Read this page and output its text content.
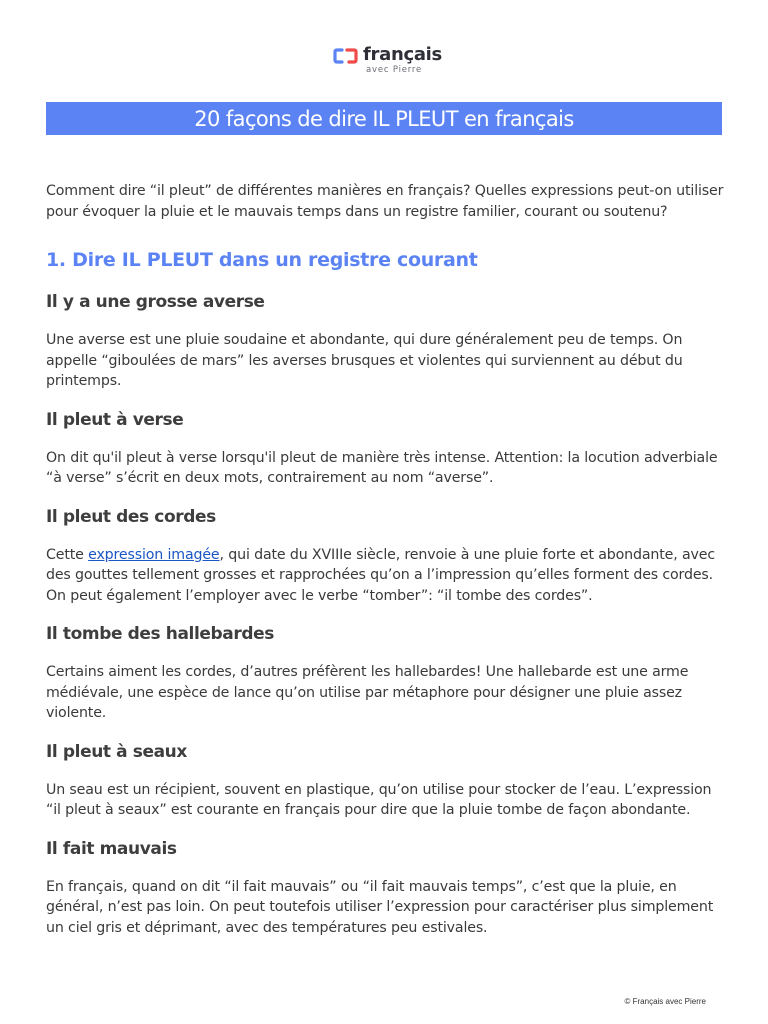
français
avec Pierre
20 façons de dire IL PLEUT en français

Comment dire “il pleut” de différentes manières en français? Quelles expressions peut-on utiliser pour évoquer la pluie et le mauvais temps dans un registre familier, courant ou soutenu?

1. Dire IL PLEUT dans un registre courant
Il y a une grosse averse

Une averse est une pluie soudaine et abondante, qui dure généralement peu de temps. On appelle “giboulées de mars” les averses brusques et violentes qui surviennent au début du printemps.

Il pleut à verse

On dit qu'il pleut à verse lorsqu'il pleut de manière très intense. Attention: la locution adverbiale “à verse” s’écrit en deux mots, contrairement au nom “averse”.

Il pleut des cordes

Cette expression imagée, qui date du XVIIIe siècle, renvoie à une pluie forte et abondante, avec des gouttes tellement grosses et rapprochées qu’on a l’impression qu’elles forment des cordes. On peut également l’employer avec le verbe “tomber”: “il tombe des cordes”.

Il tombe des hallebardes

Certains aiment les cordes, d’autres préfèrent les hallebardes! Une hallebarde est une arme médiévale, une espèce de lance qu’on utilise par métaphore pour désigner une pluie assez violente.

Il pleut à seaux

Un seau est un récipient, souvent en plastique, qu’on utilise pour stocker de l’eau. L’expression “il pleut à seaux” est courante en français pour dire que la pluie tombe de façon abondante.

Il fait mauvais

En français, quand on dit “il fait mauvais” ou “il fait mauvais temps”, c’est que la pluie, en général, n’est pas loin. On peut toutefois utiliser l’expression pour caractériser plus simplement un ciel gris et déprimant, avec des températures peu estivales.

© Français avec Pierre
